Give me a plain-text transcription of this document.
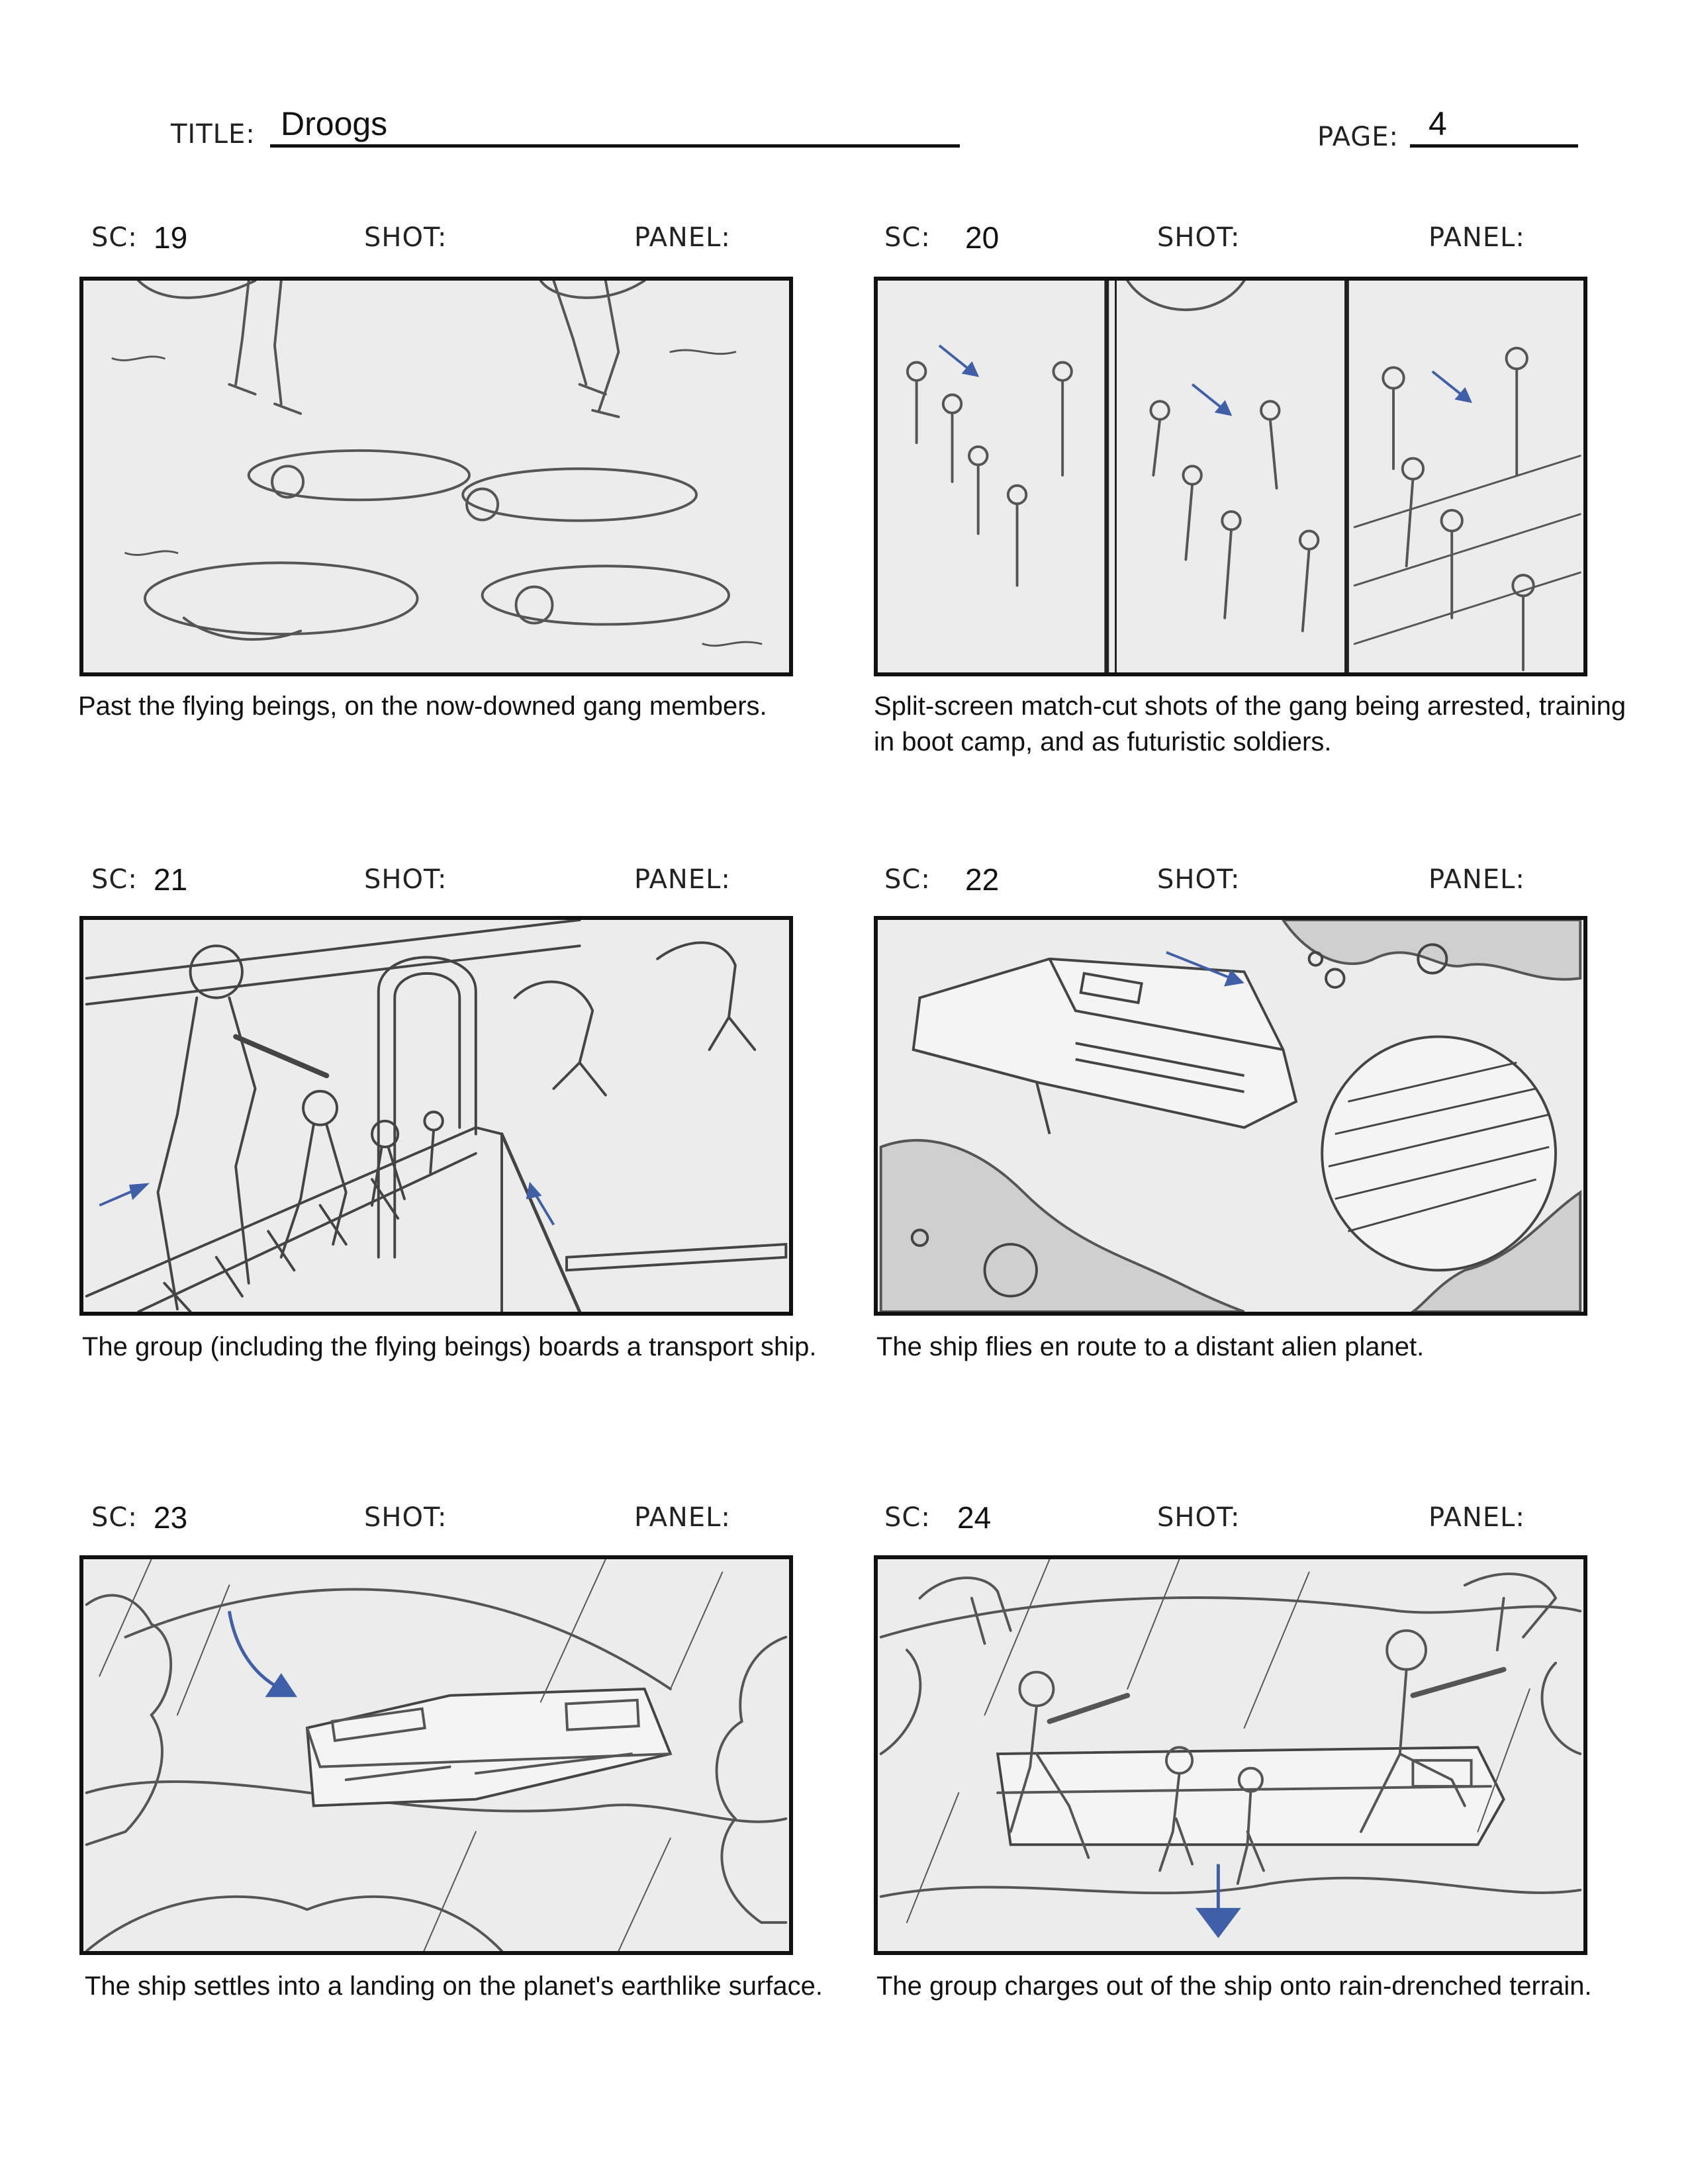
TITLE: Droogs	PAGE: 4
SC: 19	SHOT:	PANEL:
Past the flying beings, on the now-downed gang members.
SC: 20	SHOT:	PANEL:
Split-screen match-cut shots of the gang being arrested, training in boot camp, and as futuristic soldiers.
SC: 21	SHOT:	PANEL:
The group (including the flying beings) boards a transport ship.
SC: 22	SHOT:	PANEL:
The ship flies en route to a distant alien planet.
SC: 23	SHOT:	PANEL:
The ship settles into a landing on the planet's earthlike surface.
SC: 24	SHOT:	PANEL:
The group charges out of the ship onto rain-drenched terrain.
